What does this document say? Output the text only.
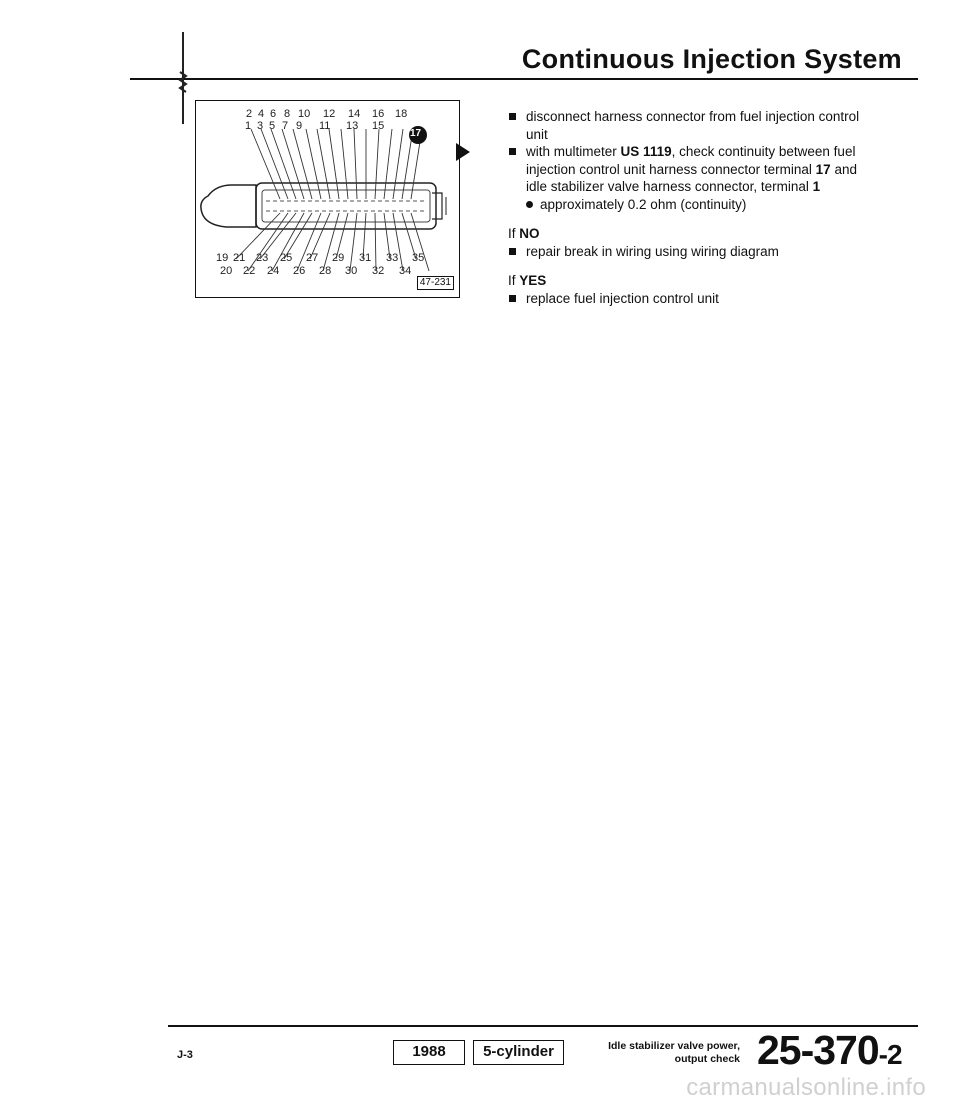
Continuous Injection System
2 4 6 8 10 12 14 16 18
1 3 5 7 9 11 13 15
17
19 21 23 25 27 29 31 33 35
20 22 24 26 28 30 32 34
47-231

disconnect harness connector from fuel injection control unit

with multimeter US 1119, check continuity between fuel injection control unit harness connector terminal 17 and idle stabilizer valve harness connector, terminal 1

approximately 0.2 ohm (continuity)

If NO

repair break in wiring using wiring diagram

If YES

replace fuel injection control unit

J-3	1988	5-cylinder	Idle stabilizer valve power,
output check 25-370-2
carmanualsonline.info
